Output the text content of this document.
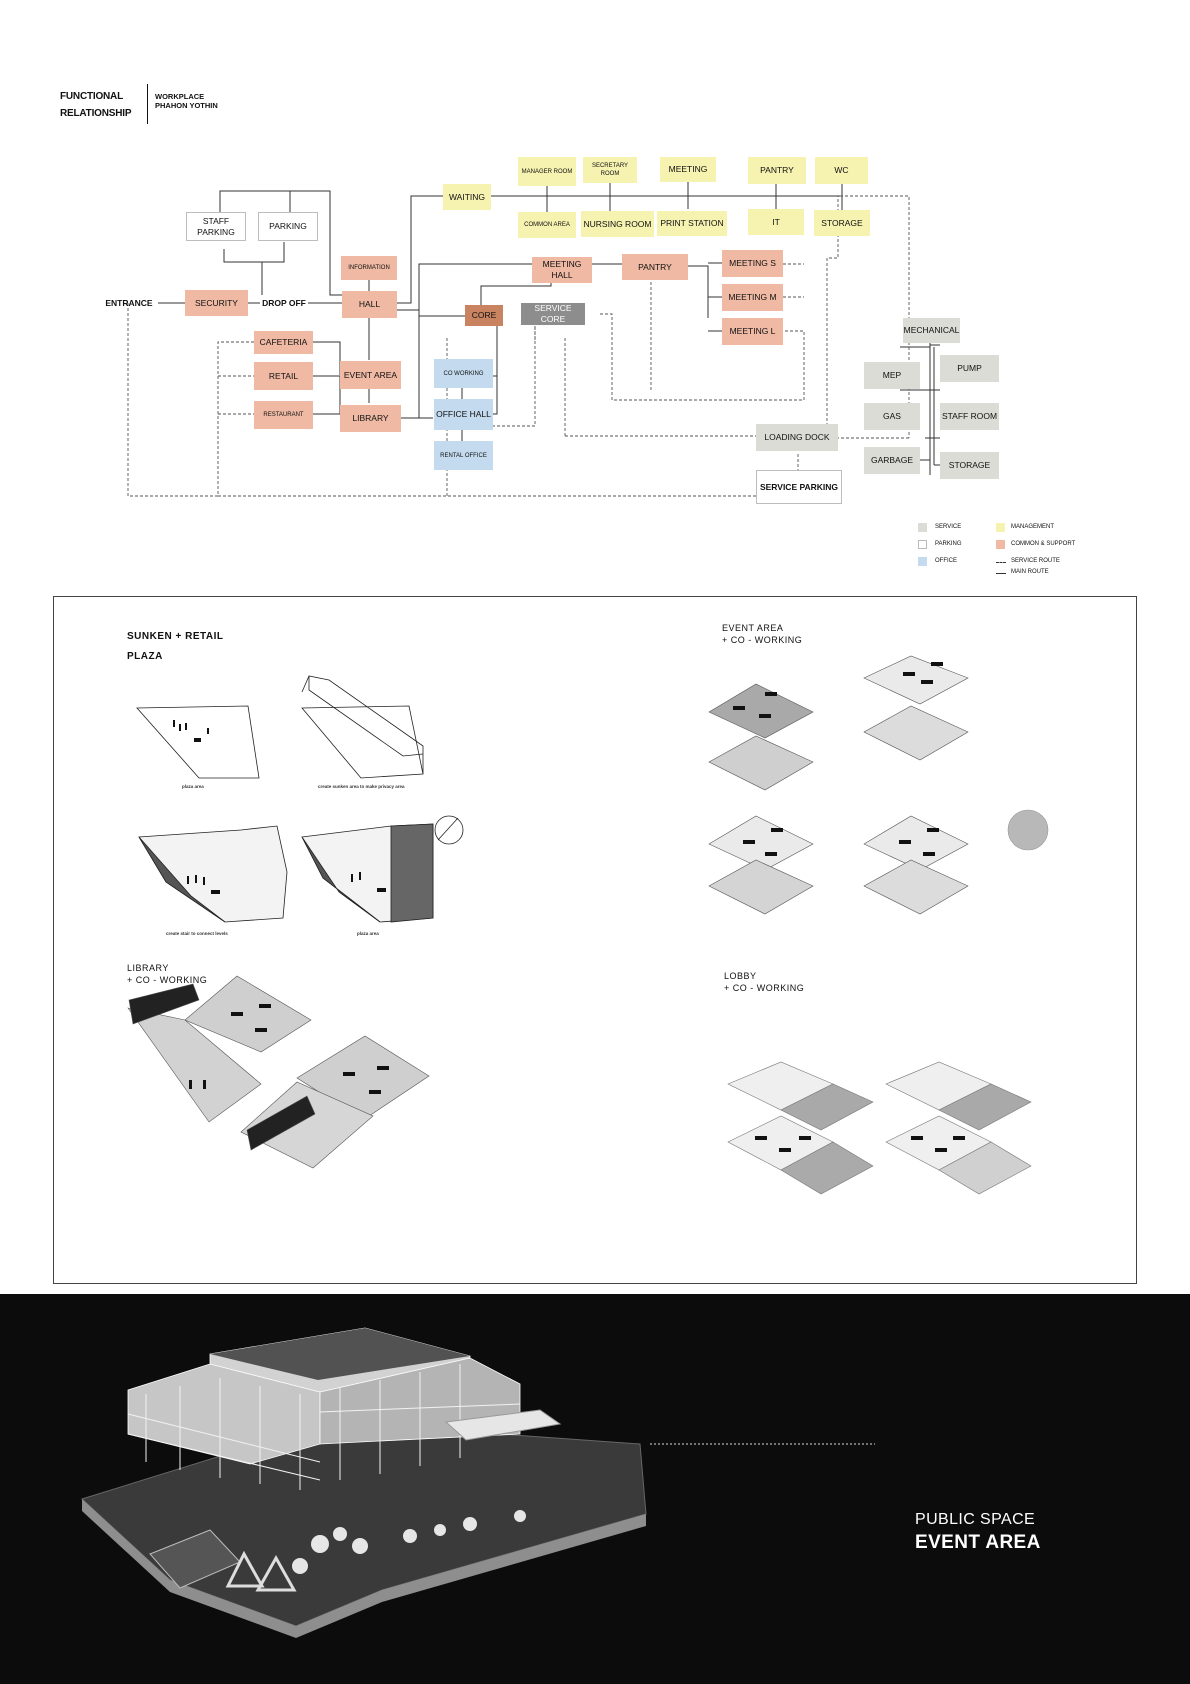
FUNCTIONAL
RELATIONSHIP
WORKPLACE
PHAHON YOTHIN
STAFF
PARKING
PARKING
ENTRANCE	SECURITY	DROP OFF
INFORMATION
HALL
WAITING
MANAGER ROOM
SECRETARY
ROOM	MEETING	PANTRY	WC
COMMON AREA	NURSING ROOM	PRINT STATION	IT	STORAGE
MEETING HALL
PANTRY	MEETING S
MEETING M
MEETING L
CORE
SERVICE CORE
CAFETERIA
RETAIL
RESTAURANT
EVENT AREA
LIBRARY
CO WORKING
OFFICE HALL
RENTAL OFFICE
MECHANICAL
MEP
PUMP
GAS	STAFF ROOM
GARBAGE	STORAGE
LOADING DOCK
SERVICE PARKING
SERVICE
PARKING
OFFICE
MANAGEMENT
COMMON & SUPPORT
SERVICE ROUTE
MAIN ROUTE
SUNKEN + RETAIL
PLAZA
EVENT AREA
+ CO - WORKING
LIBRARY
+ CO - WORKING	LOBBY
+ CO - WORKING
plaza area	create sunken area to make privacy area
create stair to connect levels	plaza area
PUBLIC SPACE
EVENT AREA
